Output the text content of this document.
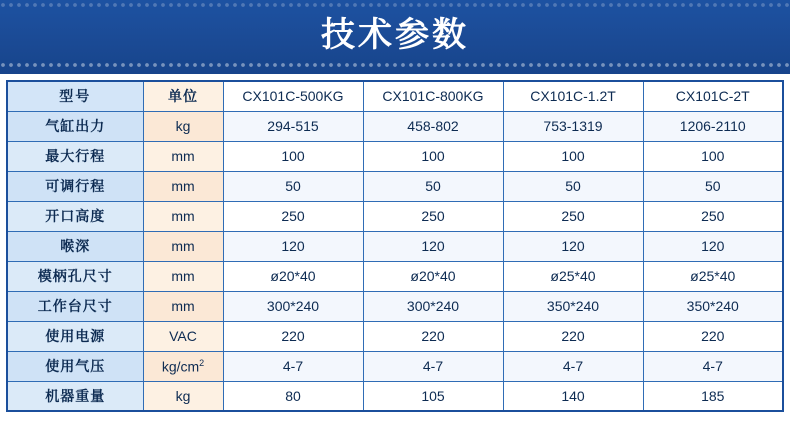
技术参数
型号	单位	CX101C-500KG	CX101C-800KG	CX101C-1.2T	CX101C-2T
气缸出力	kg	294-515	458-802	753-1319	1206-2110
最大行程	mm	100	100	100	100
可调行程	mm	50	50	50	50
开口高度	mm	250	250	250	250
喉深	mm	120	120	120	120
模柄孔尺寸	mm	ø20*40	ø20*40	ø25*40	ø25*40
工作台尺寸	mm	300*240	300*240	350*240	350*240
使用电源	VAC	220	220	220	220
使用气压	$kg/cm^2$	4-7	4-7	4-7	4-7
机器重量	kg	80	105	140	185
